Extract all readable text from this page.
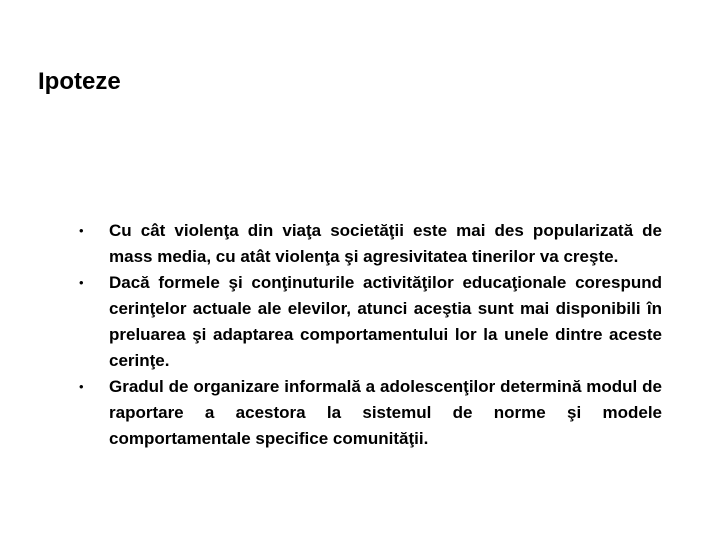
Ipoteze
• Cu cât violenţa din viaţa societăţii este mai des popularizată de mass media, cu atât violenţa şi agresivitatea tinerilor va creşte.
• Dacă formele şi conţinuturile activităţilor educaţionale corespund cerinţelor actuale ale elevilor, atunci aceştia sunt mai disponibili în preluarea şi adaptarea comportamentului lor la unele dintre aceste cerinţe.
• Gradul de organizare informală a adolescenţilor determină modul de raportare a acestora la sistemul de norme şi modele comportamentale specifice comunităţii.
